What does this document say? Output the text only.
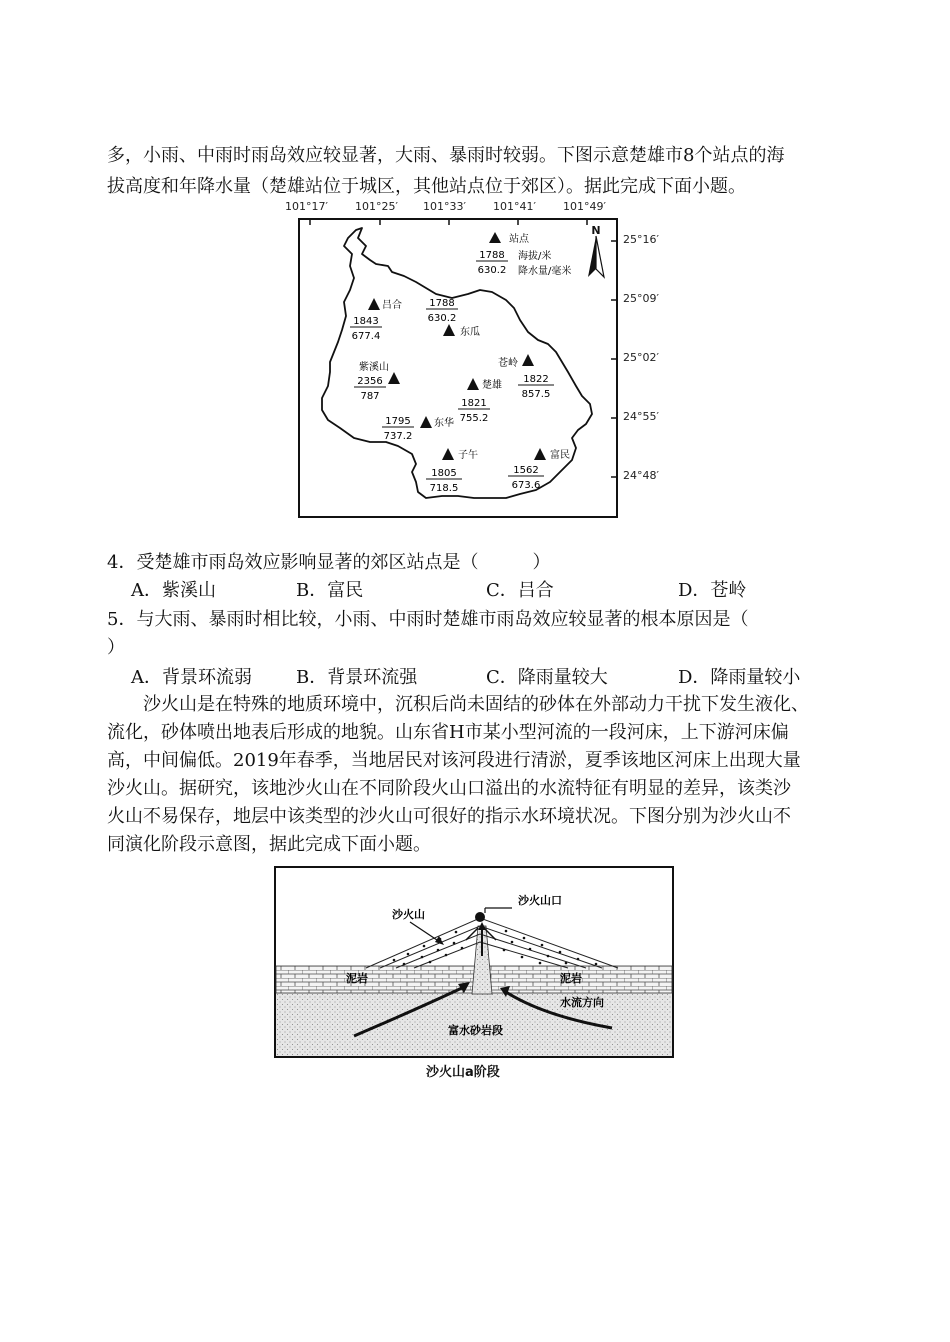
多，小雨、中雨时雨岛效应较显著，大雨、暴雨时较弱。下图示意楚雄市8个站点的海
拔高度和年降水量（楚雄站位于城区，其他站点位于郊区）。据此完成下面小题。
101°17′ 101°25′ 101°33′ 101°41′ 101°49′
25°16′
25°09′
25°02′
24°55′
24°48′
N
站点
1788
630.2
海拔/米
降水量/毫米
吕合
1843
677.4
1788
630.2
东瓜
紫溪山
2356
787
苍岭
1822
857.5
楚雄
1821
755.2
1795
737.2
东华
子午
1805
718.5
富民
1562
673.6
4．受楚雄市雨岛效应影响显著的郊区站点是（　　　）
A．紫溪山	B．富民	C．吕合	D．苍岭
5．与大雨、暴雨时相比较，小雨、中雨时楚雄市雨岛效应较显著的根本原因是（
）
A．背景环流弱 B．背景环流强	C．降雨量较大	D．降雨量较小
沙火山是在特殊的地质环境中，沉积后尚未固结的砂体在外部动力干扰下发生液化、
流化，砂体喷出地表后形成的地貌。山东省H市某小型河流的一段河床，上下游河床偏
高，中间偏低。2019年春季，当地居民对该河段进行清淤，夏季该地区河床上出现大量
沙火山。据研究，该地沙火山在不同阶段火山口溢出的水流特征有明显的差异，该类沙
火山不易保存，地层中该类型的沙火山可很好的指示水环境状况。下图分别为沙火山不
同演化阶段示意图，据此完成下面小题。
沙火山口
沙火山
泥岩	泥岩
水流方向
富水砂岩段
沙火山a阶段
